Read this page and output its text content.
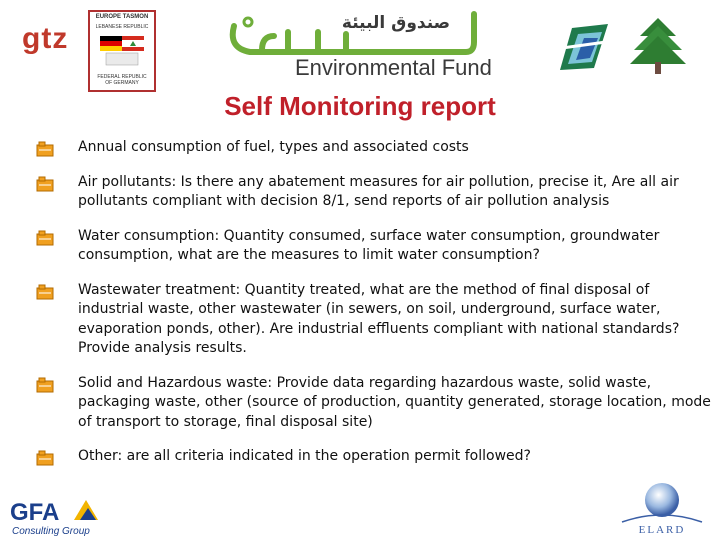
gtz
EUROPE TASMON
LEBANESE REPUBLIC
FEDERAL REPUBLIC
OF GERMANY
صندوق البيئة
Environmental Fund
Self Monitoring report
Annual consumption of fuel, types and associated costs
Air pollutants: Is there any abatement measures for air pollution, precise it, Are all air pollutants compliant with decision 8/1, send reports of air pollution analysis
Water consumption: Quantity consumed, surface water consumption, groundwater consumption, what are the measures to limit water consumption?
Wastewater treatment: Quantity treated, what are the method of final disposal of industrial waste, other wastewater (in sewers, on soil, underground, surface water, evaporation ponds, other). Are industrial effluents compliant with national standards? Provide analysis results.
Solid and Hazardous waste: Provide data regarding hazardous waste, solid waste, packaging waste, other (source of production, quantity generated, storage location, mode of transport to storage, final disposal site)
Other: are all criteria indicated in the operation permit followed?
GFA
Consulting Group	ELARD
